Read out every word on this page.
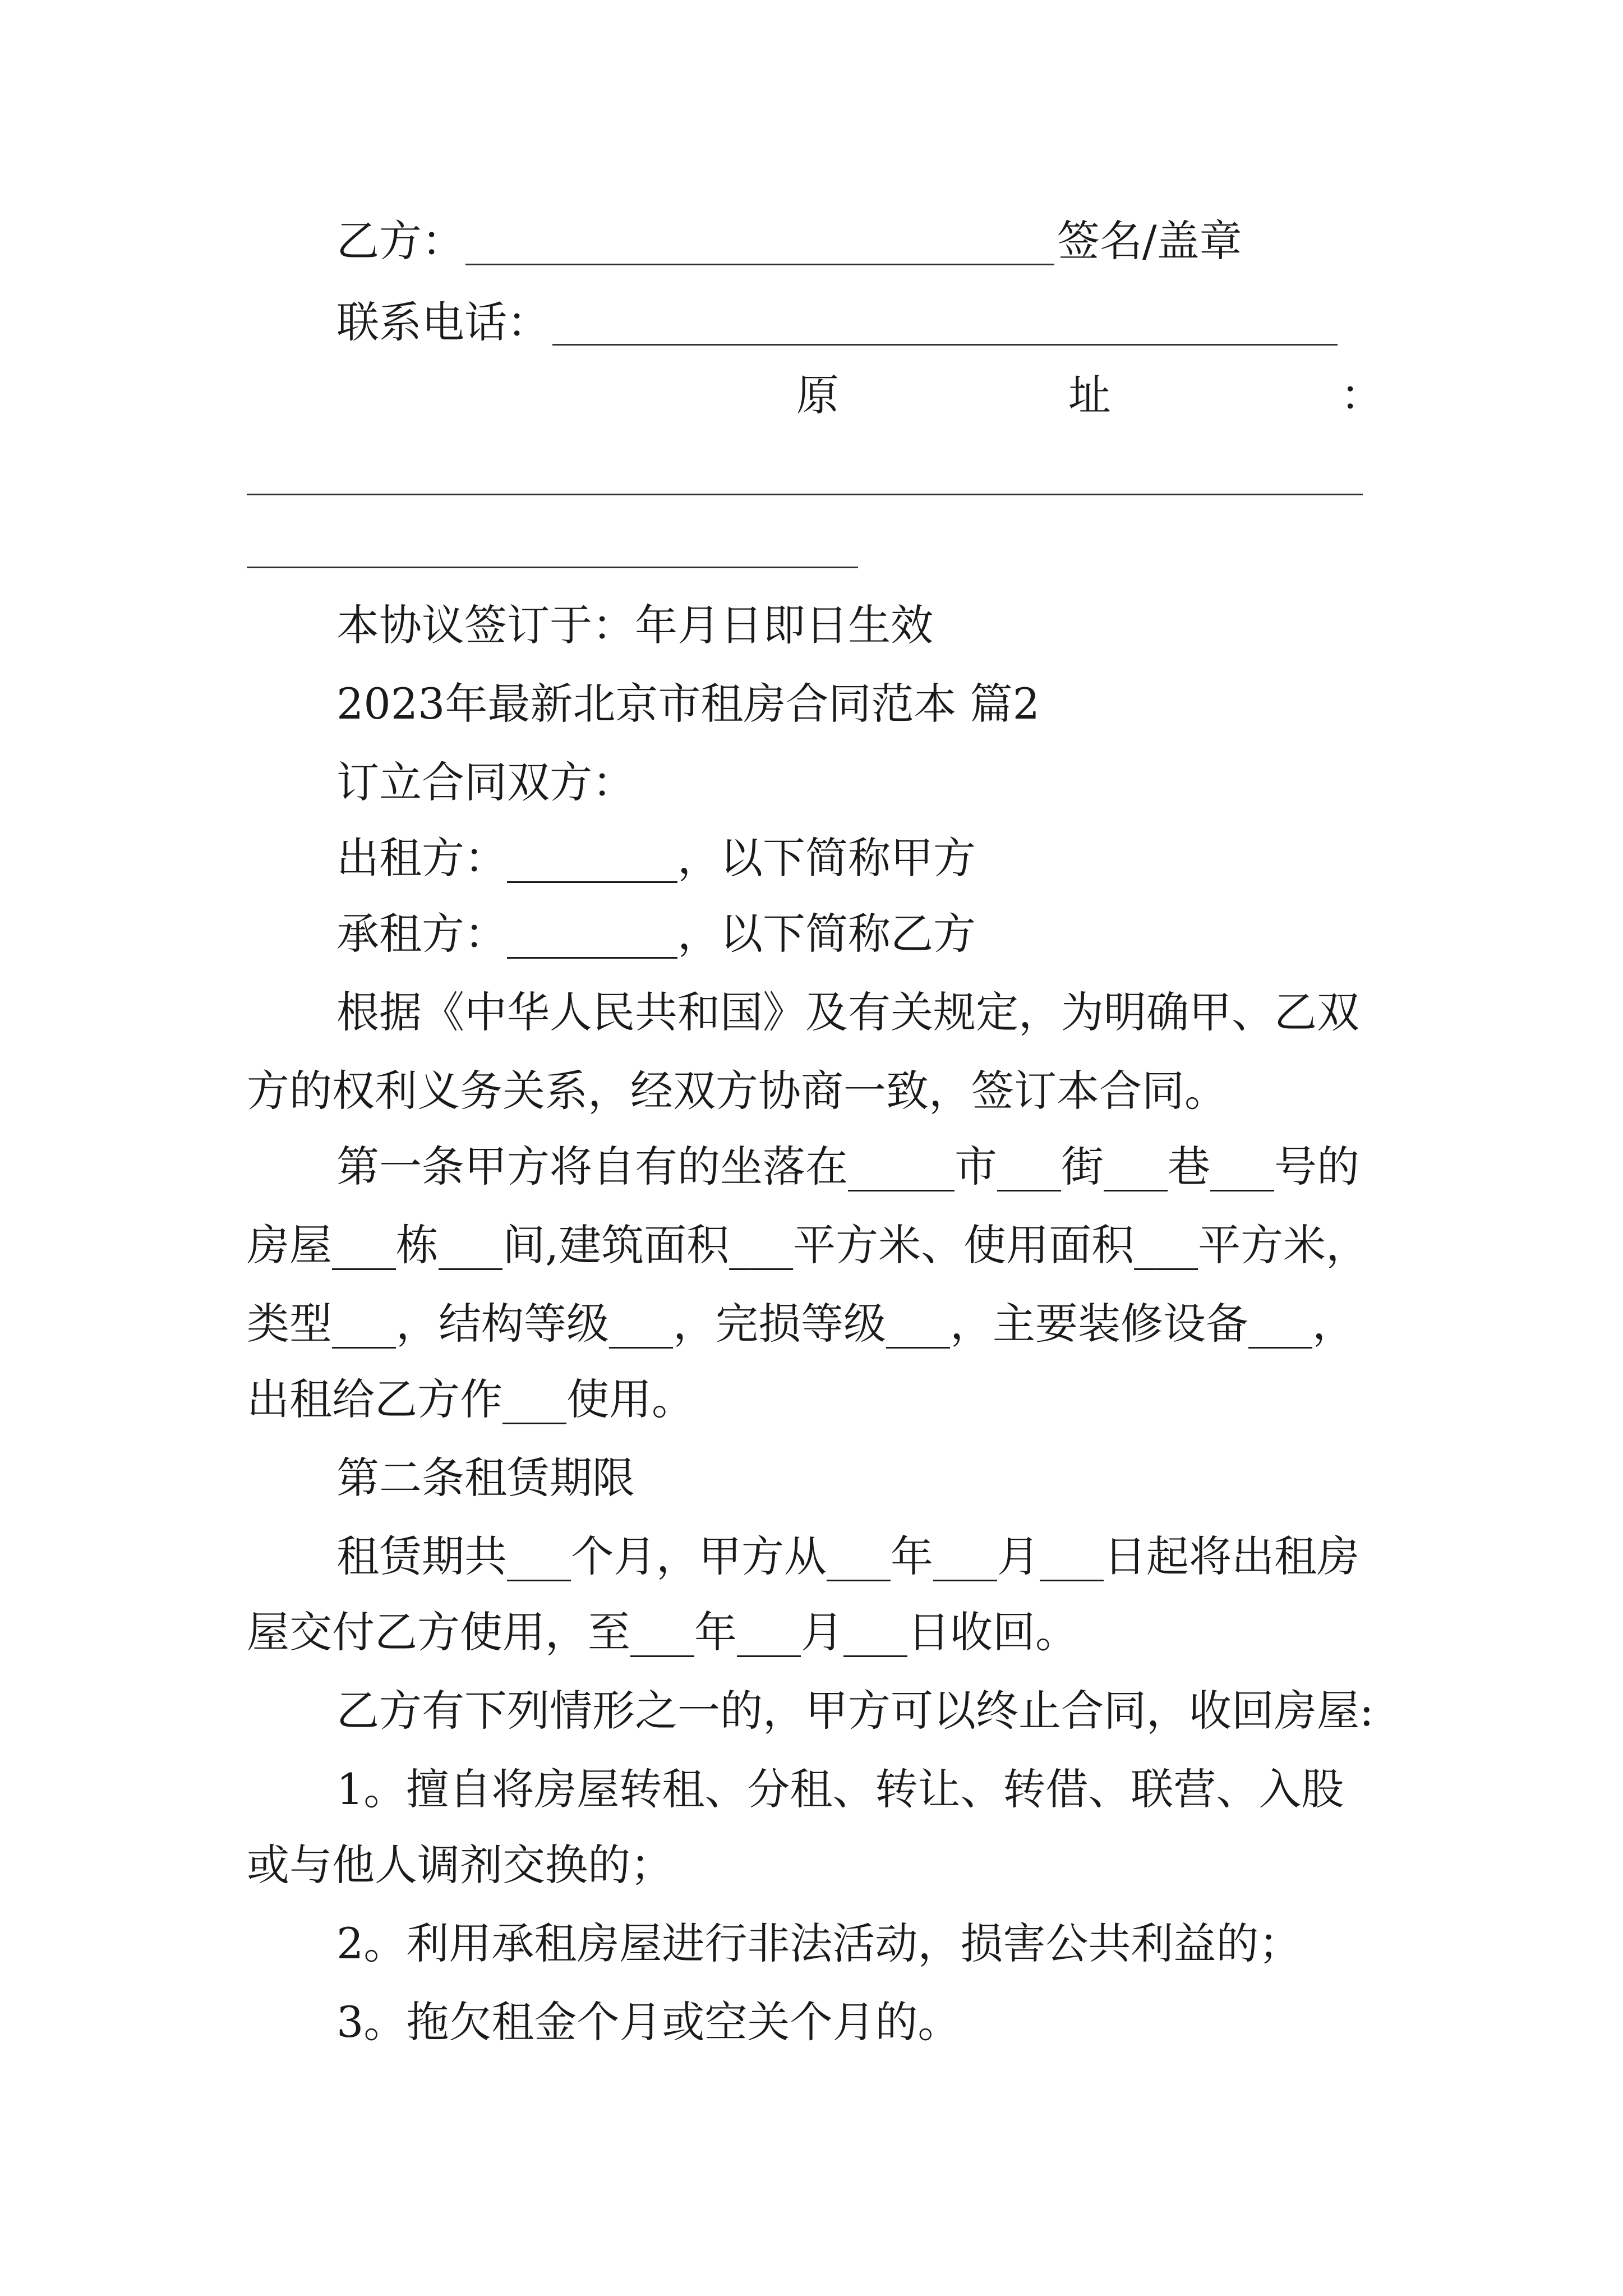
乙方：	签名/盖章
联系电话：
原	址	：
本协议签订于：年月日即日生效
2023年最新北京市租房合同范本 篇2
订立合同双方：
出租方：________，以下简称甲方
承租方：________，以下简称乙方
根据《中华人民共和国》及有关规定，为明确甲、乙双
方的权利义务关系，经双方协商一致，签订本合同。
第一条甲方将自有的坐落在_____市___街___巷___号的
房屋___栋___间,建筑面积___平方米、使用面积___平方米，
类型___，结构等级___，完损等级___，主要装修设备___，
出租给乙方作___使用。
第二条租赁期限
租赁期共___个月，甲方从___年___月___日起将出租房
屋交付乙方使用，至___年___月___日收回。
乙方有下列情形之一的，甲方可以终止合同，收回房屋:
1。擅自将房屋转租、分租、转让、转借、联营、入股
或与他人调剂交换的；
2。利用承租房屋进行非法活动，损害公共利益的；
3。拖欠租金个月或空关个月的。
